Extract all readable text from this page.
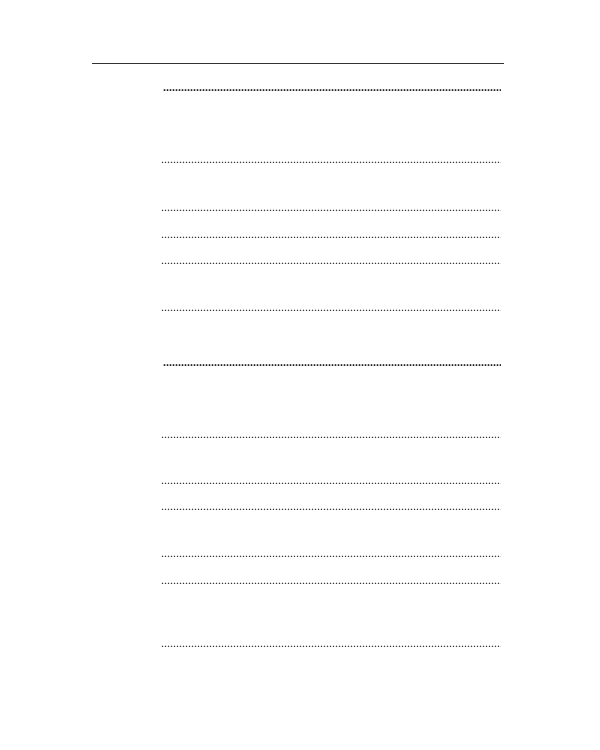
. . .
. . .
. . .
. . .
. . .
. . .
. . .
. . .
. . .
. . .
. . .
. . .
. . .
